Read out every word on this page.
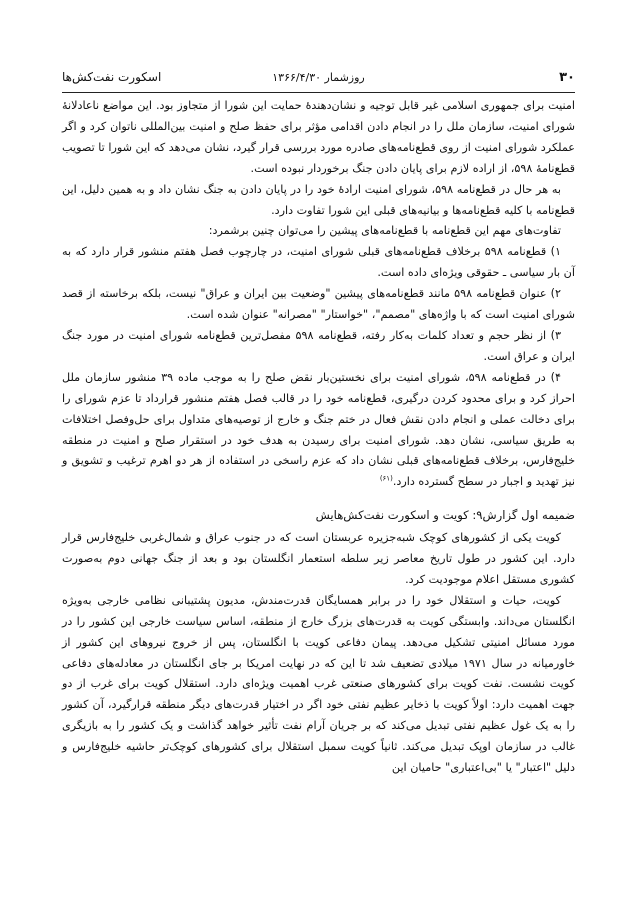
۳۰
روزشمار ۱۳۶۶/۴/۳۰
اسکورت نفت‌کش‌ها

امنیت برای جمهوری اسلامی غیر قابل توجیه و نشان‌دهندهٔ حمایت این شورا از متجاوز بود. این مواضع ناعادلانهٔ شورای امنیت، سازمان ملل را در انجام دادن اقدامی مؤثر برای حفظ صلح و امنیت بین‌المللی ناتوان کرد و اگر عملکرد شورای امنیت از روی قطع‌نامه‌های صادره مورد بررسی قرار گیرد، نشان می‌دهد که این شورا تا تصویب قطع‌نامهٔ ۵۹۸، از اراده لازم برای پایان دادن جنگ برخوردار نبوده است.

به هر حال در قطع‌نامه ۵۹۸، شورای امنیت ارادهٔ خود را در پایان دادن به جنگ نشان داد و به همین دلیل، این قطع‌نامه با کلیه قطع‌نامه‌ها و بیانیه‌های قبلی این شورا تفاوت دارد.

تفاوت‌های مهم این قطع‌نامه با قطع‌نامه‌های پیشین را می‌توان چنین برشمرد:

۱) قطع‌نامه ۵۹۸ برخلاف قطع‌نامه‌های قبلی شورای امنیت، در چارچوب فصل هفتم منشور قرار دارد که به آن بار سیاسی ـ حقوقی ویژه‌ای داده است.

۲) عنوان قطع‌نامه ۵۹۸ مانند قطع‌نامه‌های پیشین "وضعیت بین ایران و عراق" نیست، بلکه برخاسته از قصد شورای امنیت است که با واژه‌های "مصمم"، "خواستار" "مصرانه" عنوان شده است.

۳) از نظر حجم و تعداد کلمات به‌کار رفته، قطع‌نامه ۵۹۸ مفصل‌ترین قطع‌نامه شورای امنیت در مورد جنگ ایران و عراق است.

۴) در قطع‌نامه ۵۹۸، شورای امنیت برای نخستین‌بار نقض صلح را به موجب ماده ۳۹ منشور سازمان ملل احراز کرد و برای محدود کردن درگیری، قطع‌نامه خود را در قالب فصل هفتم منشور قرارداد تا عزم شورای را برای دخالت عملی و انجام دادن نقش فعال در ختم جنگ و خارج از توصیه‌های متداول برای حل‌وفصل اختلافات به طریق سیاسی، نشان دهد. شورای امنیت برای رسیدن به هدف خود در استقرار صلح و امنیت در منطقه خلیج‌فارس، برخلاف قطع‌نامه‌های قبلی نشان داد که عزم راسخی در استفاده از هر دو اهرم ترغیب و تشویق و نیز تهدید و اجبار در سطح گسترده دارد.$^{(۶۱)}$

ضمیمه اول گزارش۹: کویت و اسکورت نفت‌کش‌هایش

کویت یکی از کشورهای کوچک شبه‌جزیره عربستان است که در جنوب عراق و شمال‌غربی خلیج‌فارس قرار دارد. این کشور در طول تاریخ معاصر زیر سلطه استعمار انگلستان بود و بعد از جنگ جهانی دوم به‌صورت کشوری مستقل اعلام موجودیت کرد.

کویت، حیات و استقلال خود را در برابر همسایگان قدرت‌مندش، مدیون پشتیبانی نظامی خارجی به‌ویژه انگلستان می‌داند. وابستگی کویت به قدرت‌های بزرگ خارج از منطقه، اساس سیاست خارجی این کشور را در مورد مسائل امنیتی تشکیل می‌دهد. پیمان دفاعی کویت با انگلستان، پس از خروج نیروهای این کشور از خاورمیانه در سال ۱۹۷۱ میلادی تضعیف شد تا این که در نهایت امریکا بر جای انگلستان در معادله‌های دفاعی کویت نشست. نفت کویت برای کشورهای صنعتی غرب اهمیت ویژه‌ای دارد. استقلال کویت برای غرب از دو جهت اهمیت دارد: اولاً کویت با ذخایر عظیم نفتی خود اگر در اختیار قدرت‌های دیگر منطقه قرارگیرد، آن کشور را به یک غول عظیم نفتی تبدیل می‌کند که بر جریان آرام نفت تأثیر خواهد گذاشت و یک کشور را به بازیگری غالب در سازمان اوپک تبدیل می‌کند. ثانیاً کویت سمبل استقلال برای کشورهای کوچک‌تر حاشیه خلیج‌فارس و دلیل "اعتبار" یا "بی‌اعتباری" حامیان این
